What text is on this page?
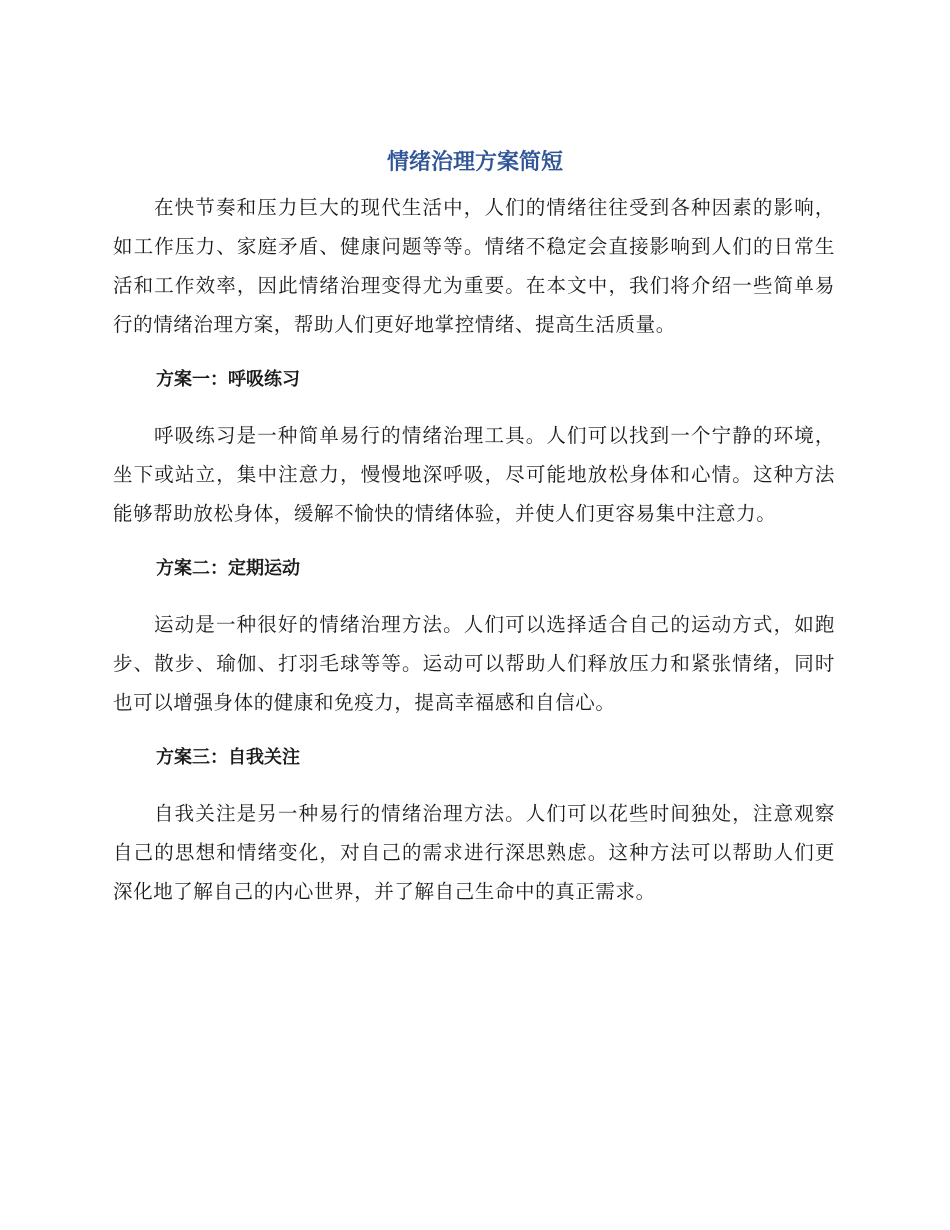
情绪治理方案简短

在快节奏和压力巨大的现代生活中，人们的情绪往往受到各种因素的影响，如工作压力、家庭矛盾、健康问题等等。情绪不稳定会直接影响到人们的日常生活和工作效率，因此情绪治理变得尤为重要。在本文中，我们将介绍一些简单易行的情绪治理方案，帮助人们更好地掌控情绪、提高生活质量。

方案一：呼吸练习

呼吸练习是一种简单易行的情绪治理工具。人们可以找到一个宁静的环境，坐下或站立，集中注意力，慢慢地深呼吸，尽可能地放松身体和心情。这种方法能够帮助放松身体，缓解不愉快的情绪体验，并使人们更容易集中注意力。

方案二：定期运动

运动是一种很好的情绪治理方法。人们可以选择适合自己的运动方式，如跑步、散步、瑜伽、打羽毛球等等。运动可以帮助人们释放压力和紧张情绪，同时也可以增强身体的健康和免疫力，提高幸福感和自信心。

方案三：自我关注

自我关注是另一种易行的情绪治理方法。人们可以花些时间独处，注意观察自己的思想和情绪变化，对自己的需求进行深思熟虑。这种方法可以帮助人们更深化地了解自己的内心世界，并了解自己生命中的真正需求。
